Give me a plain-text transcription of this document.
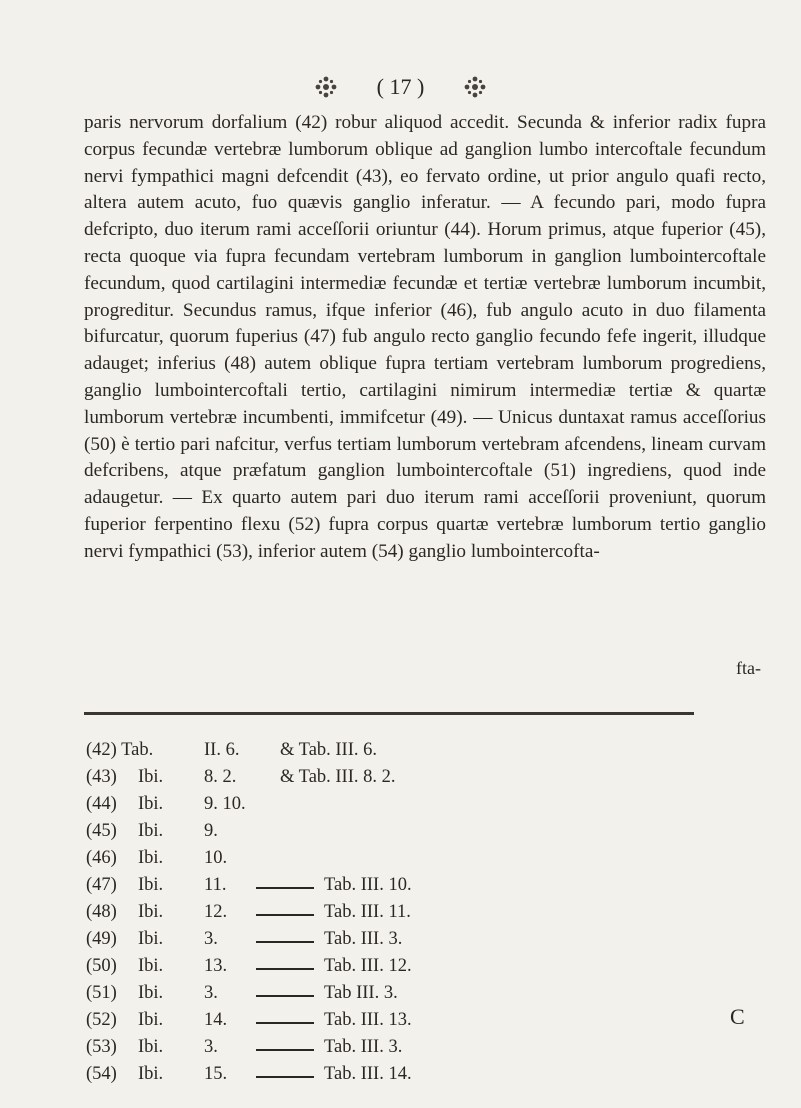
( 17 )

paris nervorum dorfalium (42) robur aliquod accedit. Secunda & inferior radix fupra corpus fecundæ vertebræ lumborum oblique ad ganglion lumbo intercoftale fecundum nervi fympathici magni defcendit (43), eo fervato ordine, ut prior angulo quafi recto, altera autem acuto, fuo quævis ganglio inferatur. — A fecundo pari, modo fupra defcripto, duo iterum rami acceſſorii oriuntur (44). Horum primus, atque fuperior (45), recta quoque via fupra fecundam vertebram lumborum in ganglion lumbointercoftale fecundum, quod cartilagini intermediæ fecundæ et tertiæ vertebræ lumborum incumbit, progreditur. Secundus ramus, ifque inferior (46), fub angulo acuto in duo filamenta bifurcatur, quorum fuperius (47) fub angulo recto ganglio fecundo fefe ingerit, illudque adauget; inferius (48) autem oblique fupra tertiam vertebram lumborum progrediens, ganglio lumbointercoftali tertio, cartilagini nimirum intermediæ tertiæ & quartæ lumborum vertebræ incumbenti, immifcetur (49). — Unicus duntaxat ramus acceſſorius (50) è tertio pari nafcitur, verfus tertiam lumborum vertebram afcendens, lineam curvam defcribens, atque præfatum ganglion lumbointercoftale (51) ingrediens, quod inde adaugetur. — Ex quarto autem pari duo iterum rami acceſſorii proveniunt, quorum fuperior ferpentino flexu (52) fupra corpus quartæ vertebræ lumborum tertio ganglio nervi fympathici (53), inferior autem (54) ganglio lumbointercofta-

fta-
(42) Tab.	II. 6. & Tab. III. 6.
(43) Ibi. 8. 2. & Tab. III. 8. 2.
(44) Ibi. 9. 10.
(45) Ibi. 9.
(46) Ibi. 10.
(47) Ibi. 11.	Tab. III. 10.
(48) Ibi. 12.	Tab. III. 11.
(49) Ibi. 3.	Tab. III. 3.
(50) Ibi. 13.	Tab. III. 12.
(51) Ibi. 3.	Tab III. 3.
(52) Ibi. 14.	Tab. III. 13.
(53) Ibi. 3.	Tab. III. 3.
(54) Ibi. 15.	Tab. III. 14.
C
